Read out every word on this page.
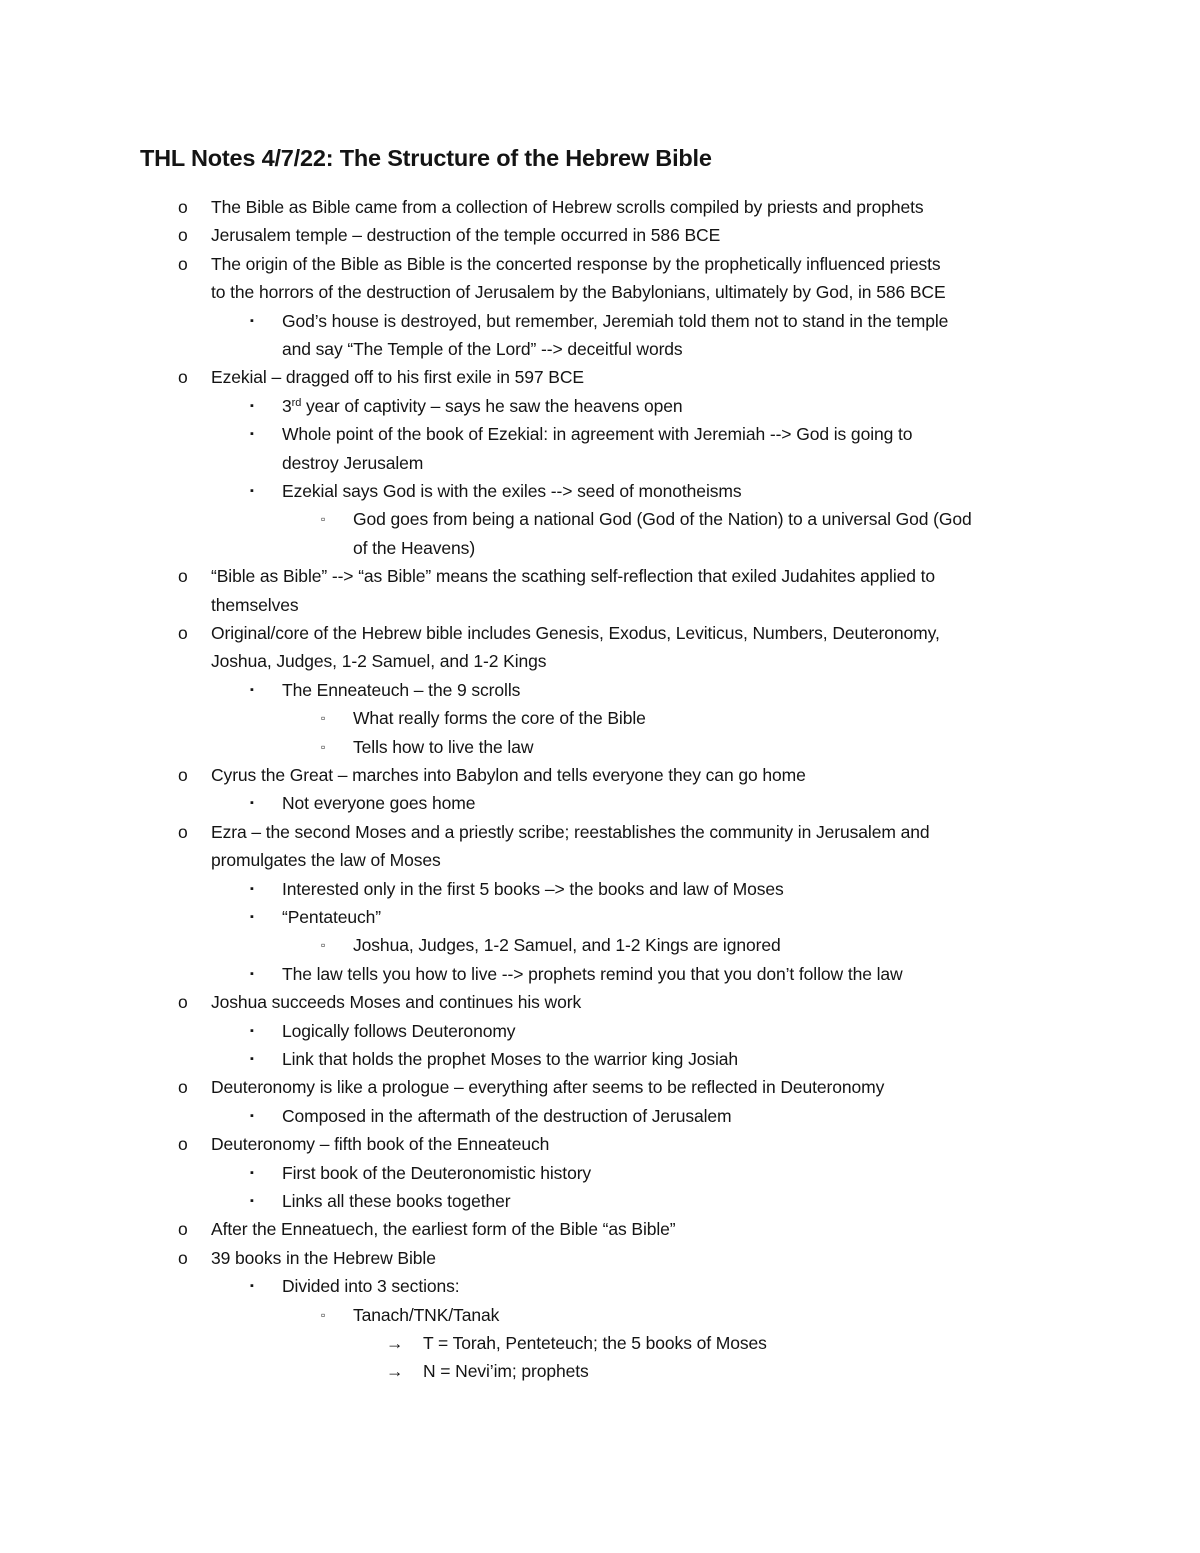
THL Notes 4/7/22: The Structure of the Hebrew Bible
o The Bible as Bible came from a collection of Hebrew scrolls compiled by priests and prophets
o Jerusalem temple – destruction of the temple occurred in 586 BCE
o The origin of the Bible as Bible is the concerted response by the prophetically influenced priests
to the horrors of the destruction of Jerusalem by the Babylonians, ultimately by God, in 586 BCE
▪ God’s house is destroyed, but remember, Jeremiah told them not to stand in the temple
and say “The Temple of the Lord” --> deceitful words
o Ezekial – dragged off to his first exile in 597 BCE
▪ 3rd year of captivity – says he saw the heavens open
▪ Whole point of the book of Ezekial: in agreement with Jeremiah --> God is going to
destroy Jerusalem
▪ Ezekial says God is with the exiles --> seed of monotheisms
▫ God goes from being a national God (God of the Nation) to a universal God (God
of the Heavens)
o “Bible as Bible” --> “as Bible” means the scathing self-reflection that exiled Judahites applied to
themselves
o Original/core of the Hebrew bible includes Genesis, Exodus, Leviticus, Numbers, Deuteronomy,
Joshua, Judges, 1-2 Samuel, and 1-2 Kings
▪ The Enneateuch – the 9 scrolls
▫ What really forms the core of the Bible
▫ Tells how to live the law
o Cyrus the Great – marches into Babylon and tells everyone they can go home
▪ Not everyone goes home
o Ezra – the second Moses and a priestly scribe; reestablishes the community in Jerusalem and
promulgates the law of Moses
▪ Interested only in the first 5 books –> the books and law of Moses
▪ “Pentateuch”
▫ Joshua, Judges, 1-2 Samuel, and 1-2 Kings are ignored
▪ The law tells you how to live --> prophets remind you that you don’t follow the law
o Joshua succeeds Moses and continues his work
▪ Logically follows Deuteronomy
▪ Link that holds the prophet Moses to the warrior king Josiah
o Deuteronomy is like a prologue – everything after seems to be reflected in Deuteronomy
▪ Composed in the aftermath of the destruction of Jerusalem
o Deuteronomy – fifth book of the Enneateuch
▪ First book of the Deuteronomistic history
▪ Links all these books together
o After the Enneatuech, the earliest form of the Bible “as Bible”
o 39 books in the Hebrew Bible
▪ Divided into 3 sections:
▫ Tanach/TNK/Tanak
→ T = Torah, Penteteuch; the 5 books of Moses
→ N = Nevi’im; prophets
